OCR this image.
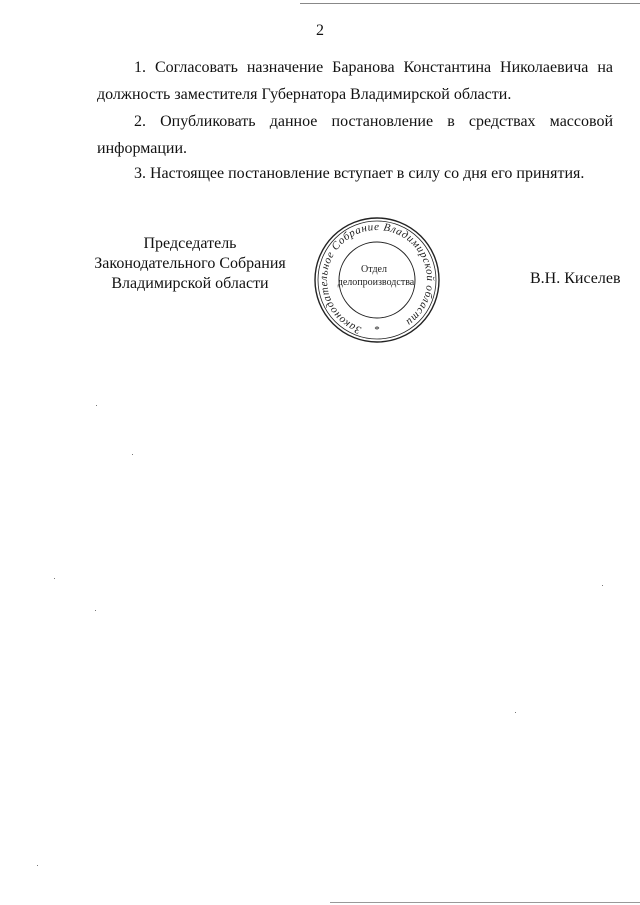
2
1. Согласовать назначение Баранова Константина Николаевича на
должность заместителя Губернатора Владимирской области.
2. Опубликовать данное постановление в средствах массовой
информации.
3. Настоящее постановление вступает в силу со дня его принятия.
Председатель
Законодательного Собрания
Владимирской области
Законодательное Собрание Владимирской области
*
Отдел
делопроизводства	В.Н. Киселев
